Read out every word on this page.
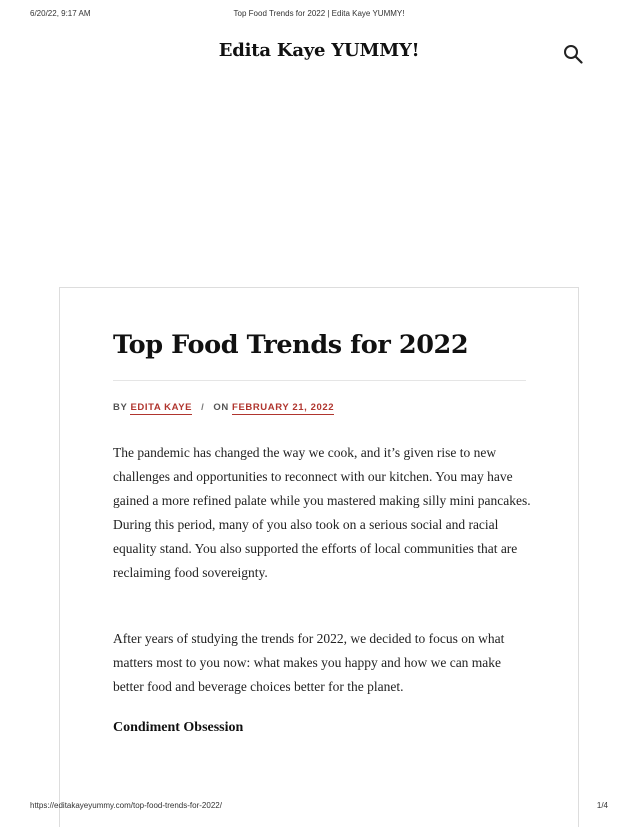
6/20/22, 9:17 AM	Top Food Trends for 2022 | Edita Kaye YUMMY!
Edita Kaye YUMMY!
Top Food Trends for 2022
BY EDITA KAYE / ON FEBRUARY 21, 2022

The pandemic has changed the way we cook, and it’s given rise to new challenges and opportunities to reconnect with our kitchen. You may have gained a more refined palate while you mastered making silly mini pancakes. During this period, many of you also took on a serious social and racial equality stand. You also supported the efforts of local communities that are reclaiming food sovereignty.

After years of studying the trends for 2022, we decided to focus on what matters most to you now: what makes you happy and how we can make better food and beverage choices better for the planet.

Condiment Obsession
https://editakayeyummy.com/top-food-trends-for-2022/	1/4
